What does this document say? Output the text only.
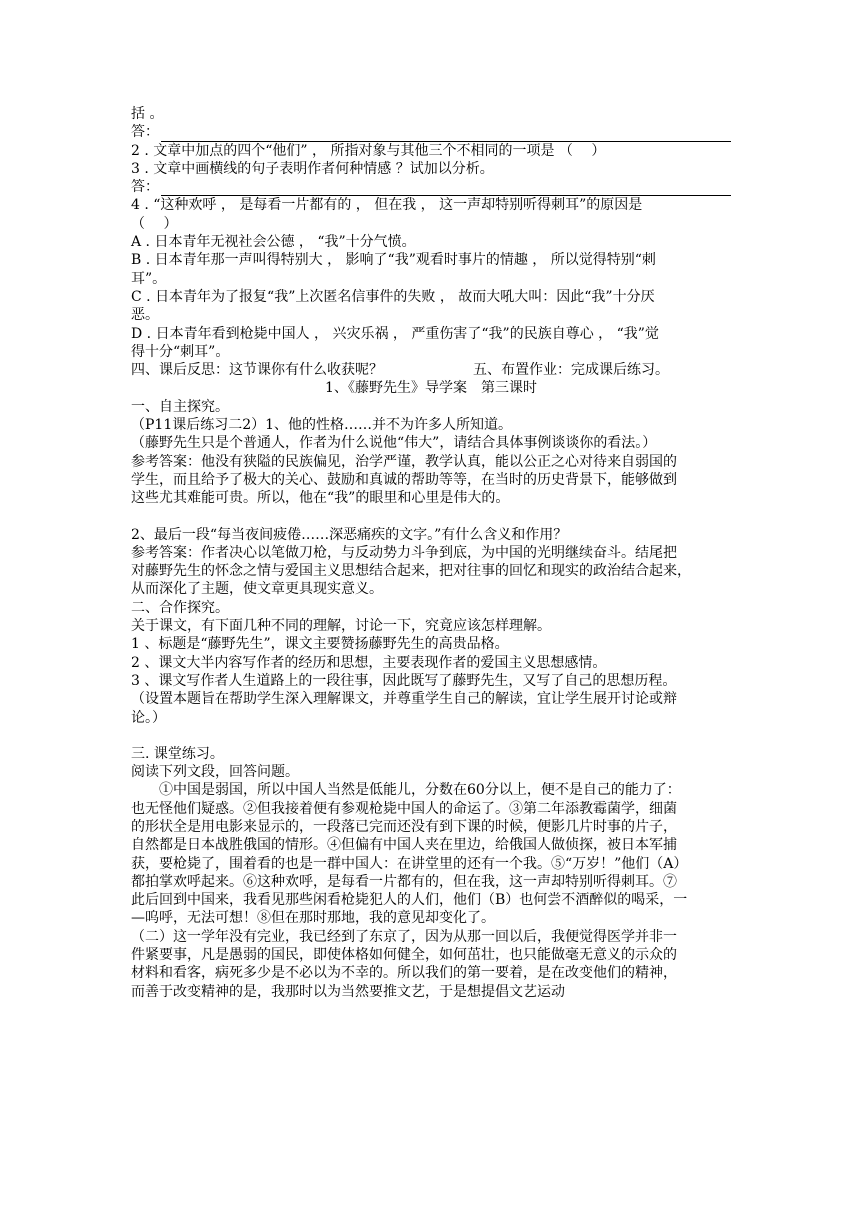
括 。

答：

2 . 文章中加点的四个“他们” ， 所指对象与其他三个不相同的一项是 （　 ）

3 . 文章中画横线的句子表明作者何种情感 ？试加以分析。

答：

4 . “这种欢呼 ， 是每看一片都有的 ， 但在我 ， 这一声却特别听得刺耳”的原因是

（　 ）

A . 日本青年无视社会公德 ， “我”十分气愤。

B . 日本青年那一声叫得特别大 ， 影响了“我”观看时事片的情趣 ， 所以觉得特别“刺

耳”。

C . 日本青年为了报复“我”上次匿名信事件的失败 ， 故而大吼大叫：因此“我”十分厌

恶。

D . 日本青年看到枪毙中国人 ， 兴灾乐祸 ， 严重伤害了“我”的民族自尊心 ， “我”觉

得十分“刺耳”。

四、课后反思：这节课你有什么收获呢？	五、布置作业：完成课后练习。

1、《藤野先生》导学案　第三课时

一、自主探究。

（P11课后练习二2）1、他的性格……并不为许多人所知道。

（藤野先生只是个普通人，作者为什么说他“伟大”，请结合具体事例谈谈你的看法。）

参考答案：他没有狭隘的民族偏见，治学严谨，教学认真，能以公正之心对待来自弱国的

学生，而且给予了极大的关心、鼓励和真诚的帮助等等，在当时的历史背景下，能够做到

这些尤其难能可贵。所以，他在“我”的眼里和心里是伟大的。

2、最后一段“每当夜间疲倦……深恶痛疾的文字。”有什么含义和作用？

参考答案：作者决心以笔做刀枪，与反动势力斗争到底，为中国的光明继续奋斗。结尾把

对藤野先生的怀念之情与爱国主义思想结合起来，把对往事的回忆和现实的政治结合起来，

从而深化了主题，使文章更具现实意义。

二、合作探究。

关于课文，有下面几种不同的理解，讨论一下，究竟应该怎样理解。

1 、标题是“藤野先生”，课文主要赞扬藤野先生的高贵品格。

2 、课文大半内容写作者的经历和思想，主要表现作者的爱国主义思想感情。

3 、课文写作者人生道路上的一段往事，因此既写了藤野先生，又写了自己的思想历程。

（设置本题旨在帮助学生深入理解课文，并尊重学生自己的解读，宜让学生展开讨论或辩

论。）

三. 课堂练习。

阅读下列文段，回答问题。

①中国是弱国，所以中国人当然是低能儿，分数在60分以上，便不是自己的能力了：

也无怪他们疑惑。②但我接着便有参观枪毙中国人的命运了。③第二年添教霉菌学，细菌

的形状全是用电影来显示的，一段落已完而还没有到下课的时候，便影几片时事的片子，

自然都是日本战胜俄国的情形。④但偏有中国人夹在里边，给俄国人做侦探，被日本军捕

获，要枪毙了，围着看的也是一群中国人：在讲堂里的还有一个我。⑤“万岁！”他们（A）

都拍掌欢呼起来。⑥这种欢呼，是每看一片都有的，但在我，这一声却特别听得刺耳。⑦

此后回到中国来，我看见那些闲看枪毙犯人的人们，他们（B）也何尝不酒醉似的喝采，一

—呜呼，无法可想！⑧但在那时那地，我的意见却变化了。

（二）这一学年没有完业，我已经到了东京了，因为从那一回以后，我便觉得医学并非一

件紧要事，凡是愚弱的国民，即使体格如何健全，如何茁壮，也只能做毫无意义的示众的

材料和看客，病死多少是不必以为不幸的。所以我们的第一要着，是在改变他们的精神，

而善于改变精神的是，我那时以为当然要推文艺，于是想提倡文艺运动
